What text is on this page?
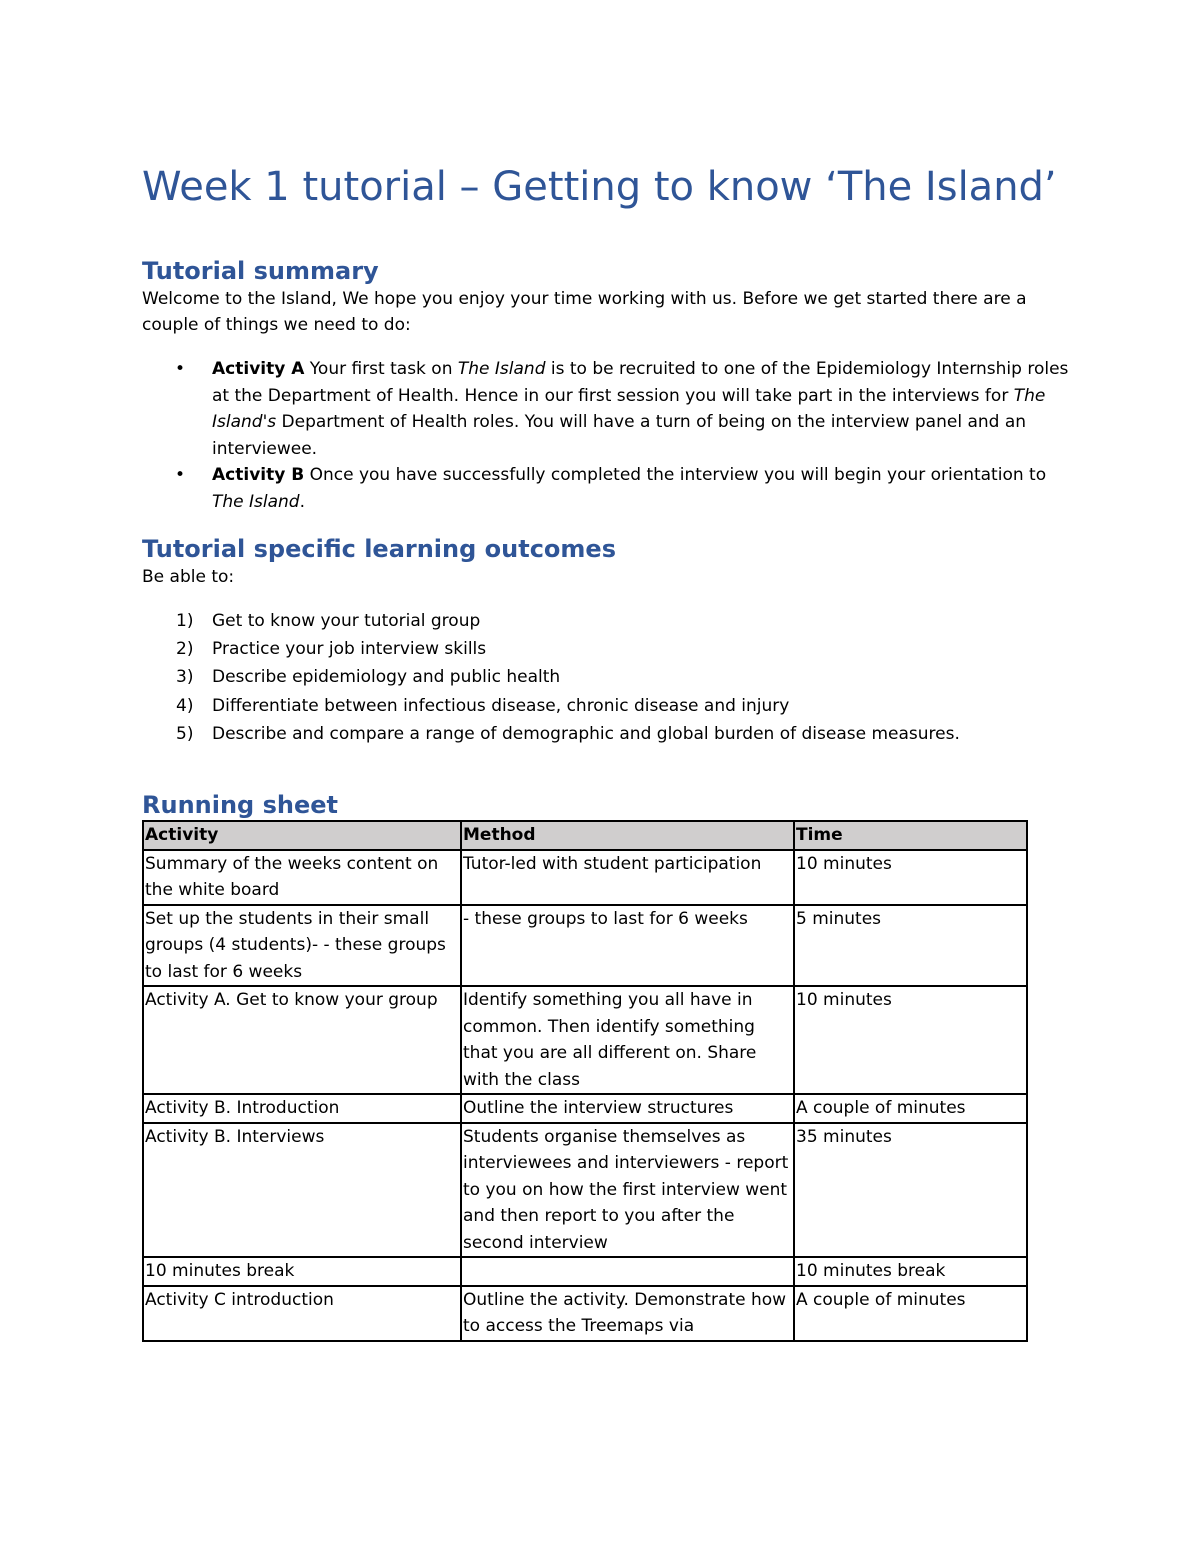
Week 1 tutorial – Getting to know ‘The Island’
Tutorial summary

Welcome to the Island, We hope you enjoy your time working with us. Before we get started there are a couple of things we need to do:

• Activity A Your first task on The Island is to be recruited to one of the Epidemiology Internship roles at the Department of Health. Hence in our first session you will take part in the interviews for The Island's Department of Health roles. You will have a turn of being on the interview panel and an interviewee.
• Activity B Once you have successfully completed the interview you will begin your orientation to The Island.
Tutorial specific learning outcomes

Be able to:

1) Get to know your tutorial group
2) Practice your job interview skills
3) Describe epidemiology and public health
4) Differentiate between infectious disease, chronic disease and injury
5) Describe and compare a range of demographic and global burden of disease measures.
Running sheet
Activity	Method	Time
Summary of the weeks content on the white board	Tutor-led with student participation	10 minutes
Set up the students in their small groups (4 students)- - these groups to last for 6 weeks	- these groups to last for 6 weeks	5 minutes
Activity A. Get to know your group	Identify something you all have in common. Then identify something that you are all different on. Share with the class	10 minutes
Activity B. Introduction	Outline the interview structures	A couple of minutes
Activity B. Interviews	Students organise themselves as interviewees and interviewers - report to you on how the first interview went and then report to you after the second interview	35 minutes
10 minutes break		10 minutes break
Activity C introduction	Outline the activity. Demonstrate how to access the Treemaps via	A couple of minutes
